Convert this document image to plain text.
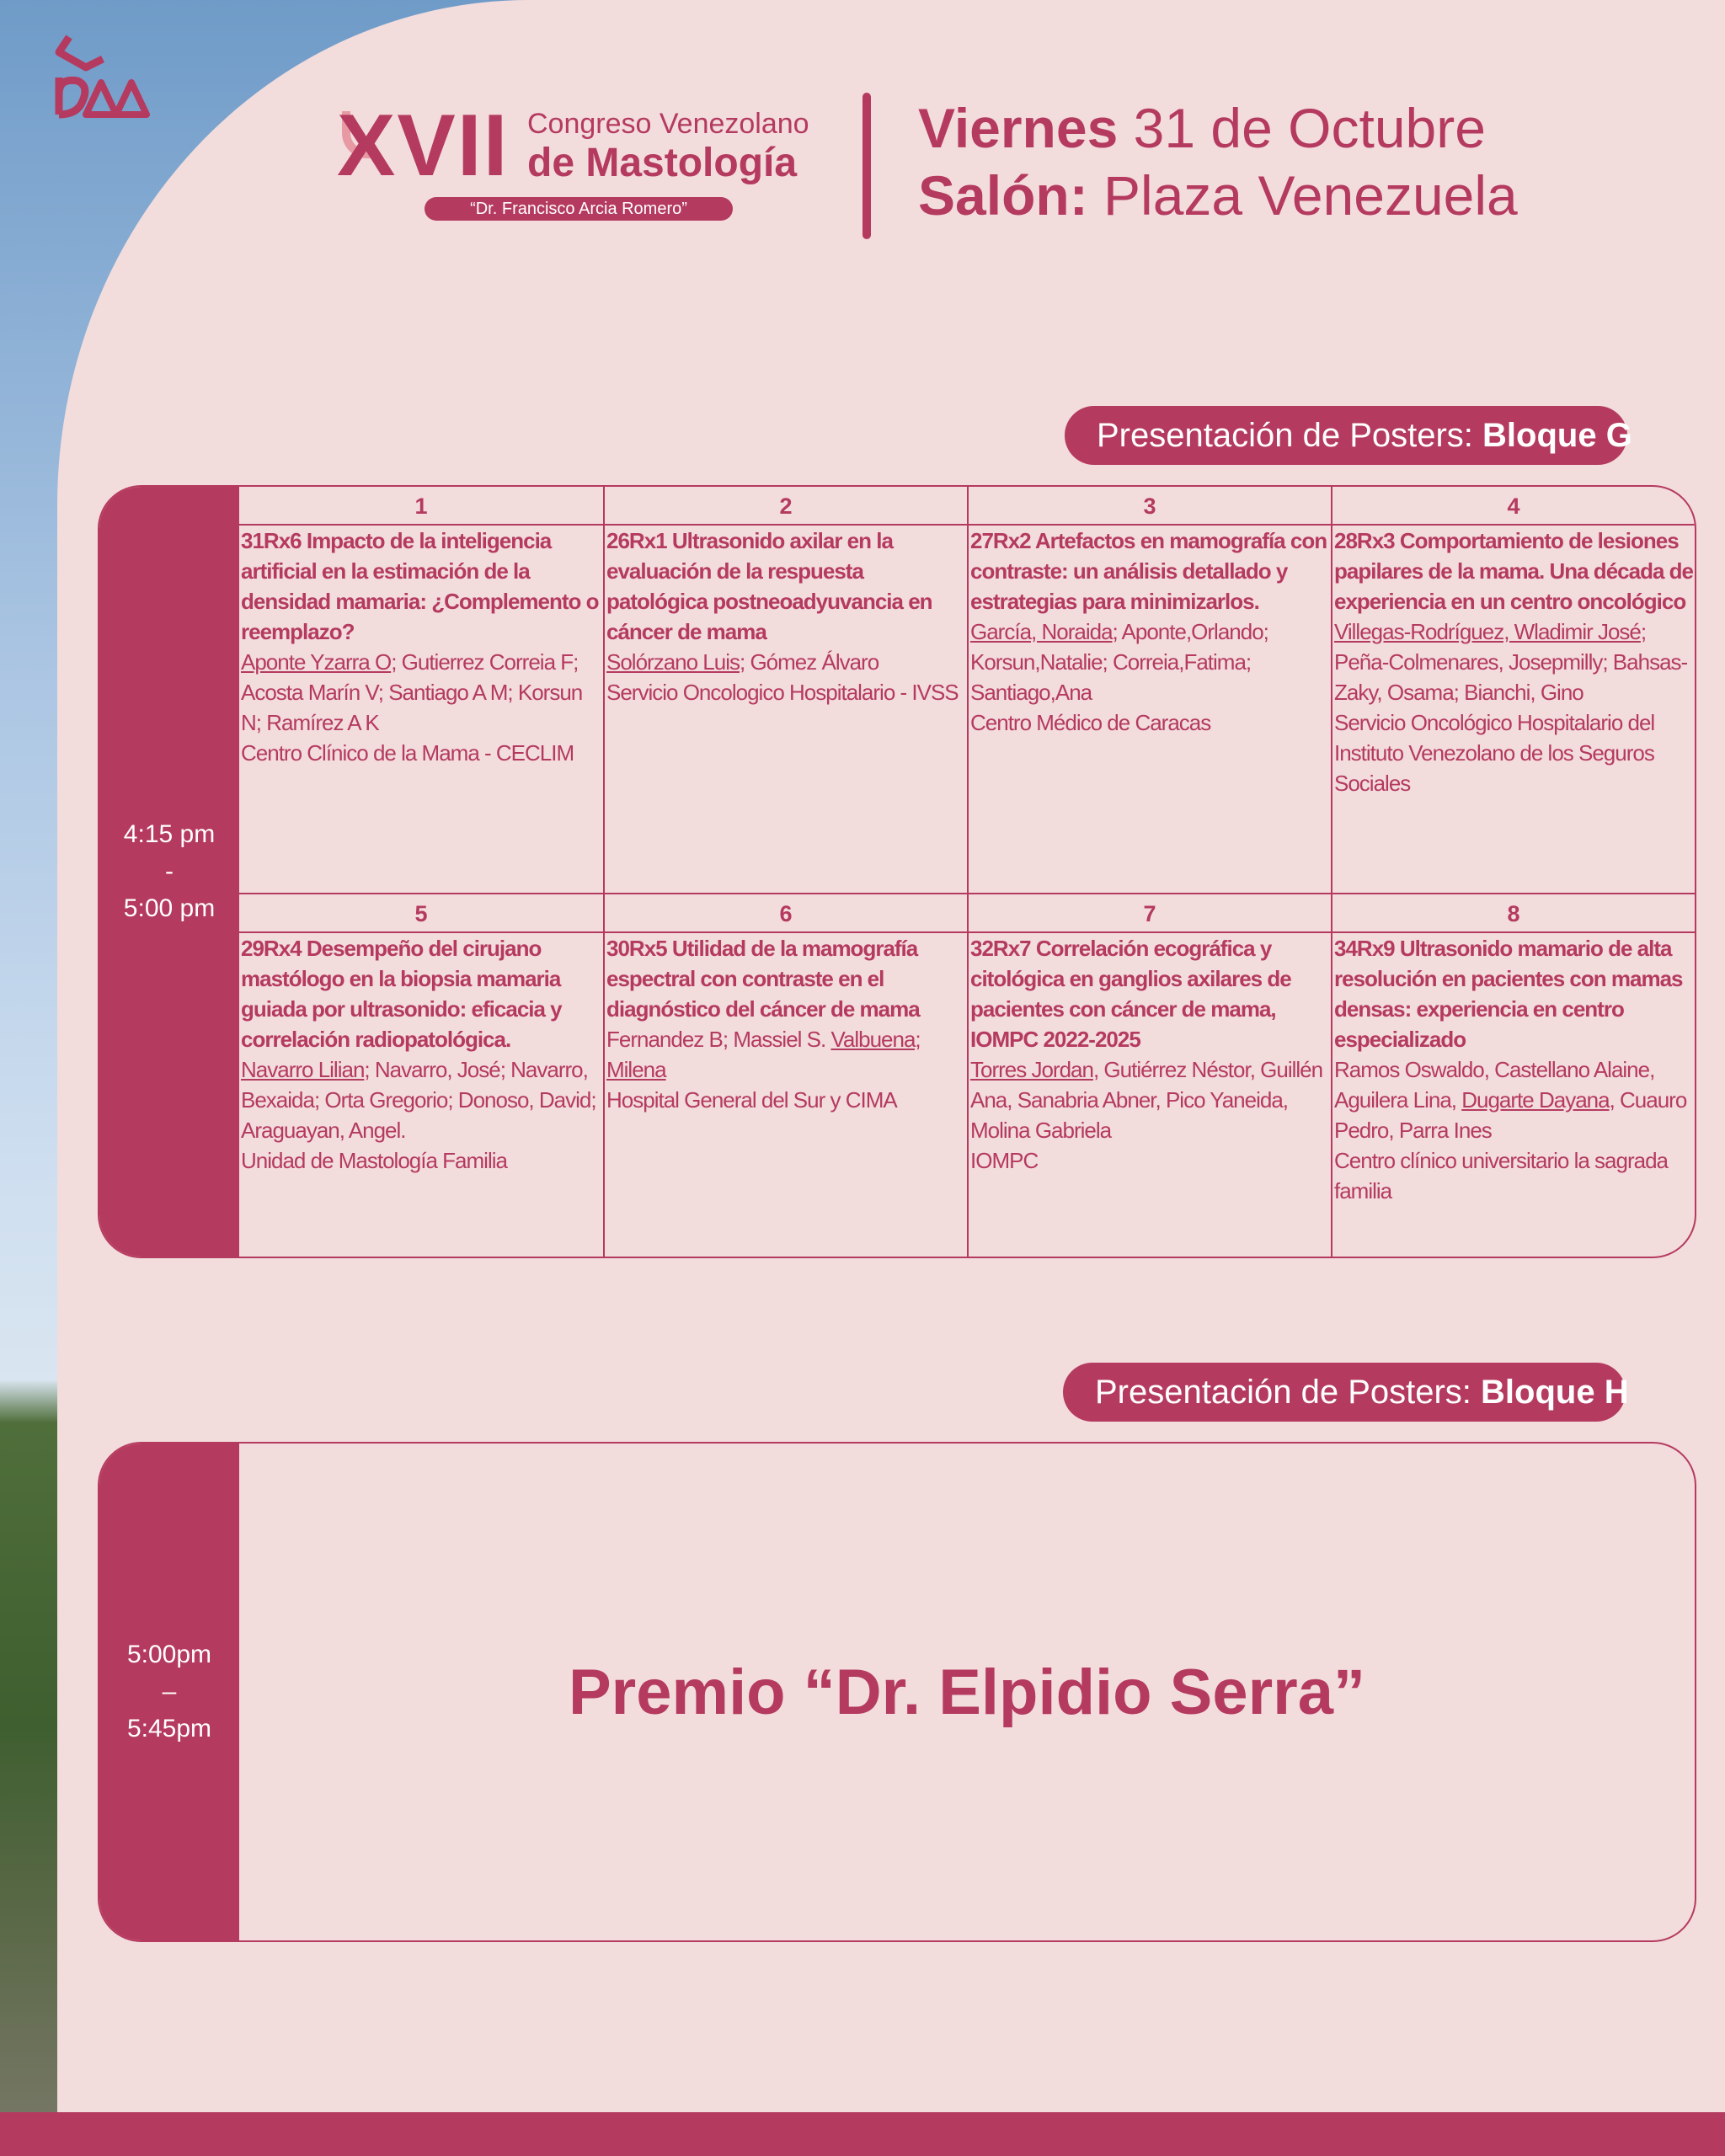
XVII Congreso Venezolano
de Mastología
“Dr. Francisco Arcia Romero”
Viernes 31 de Octubre
Salón: Plaza Venezuela
Presentación de Posters: Bloque G
4:15 pm
-
5:00 pm
1
31Rx6 Impacto de la inteligencia artificial en la estimación de la densidad mamaria: ¿Complemento o reemplazo?
Aponte Yzarra O; Gutierrez Correia F; Acosta Marín V; Santiago A M; Korsun N; Ramírez A K
Centro Clínico de la Mama - CECLIM
2
26Rx1 Ultrasonido axilar en la evaluación de la respuesta patológica postneoadyuvancia en cáncer de mama
Solórzano Luis; Gómez Álvaro
Servicio Oncologico Hospitalario - IVSS
3
27Rx2 Artefactos en mamografía con contraste: un análisis detallado y estrategias para minimizarlos.
García, Noraida; Aponte,Orlando; Korsun,Natalie; Correia,Fatima; Santiago,Ana
Centro Médico de Caracas
4
28Rx3 Comportamiento de lesiones papilares de la mama. Una década de experiencia en un centro oncológico
Villegas-Rodríguez, Wladimir José; Peña-Colmenares, Josepmilly; Bahsas-Zaky, Osama; Bianchi, Gino
Servicio Oncológico Hospitalario del Instituto Venezolano de los Seguros Sociales
5
29Rx4 Desempeño del cirujano mastólogo en la biopsia mamaria guiada por ultrasonido: eficacia y correlación radiopatológica.
Navarro Lilian; Navarro, José; Navarro, Bexaida; Orta Gregorio; Donoso, David; Araguayan, Angel.
Unidad de Mastología Familia
6
30Rx5 Utilidad de la mamografía espectral con contraste en el diagnóstico del cáncer de mama
Fernandez B; Massiel S. Valbuena; Milena
Hospital General del Sur y CIMA
7
32Rx7 Correlación ecográfica y citológica en ganglios axilares de pacientes con cáncer de mama, IOMPC 2022-2025
Torres Jordan, Gutiérrez Néstor, Guillén Ana, Sanabria Abner, Pico Yaneida, Molina Gabriela
IOMPC
8
34Rx9 Ultrasonido mamario de alta resolución en pacientes con mamas densas: experiencia en centro especializado
Ramos Oswaldo, Castellano Alaine, Aguilera Lina, Dugarte Dayana, Cuauro Pedro, Parra Ines
Centro clínico universitario la sagrada familia
Presentación de Posters: Bloque H
5:00pm
–
5:45pm
Premio “Dr. Elpidio Serra”
